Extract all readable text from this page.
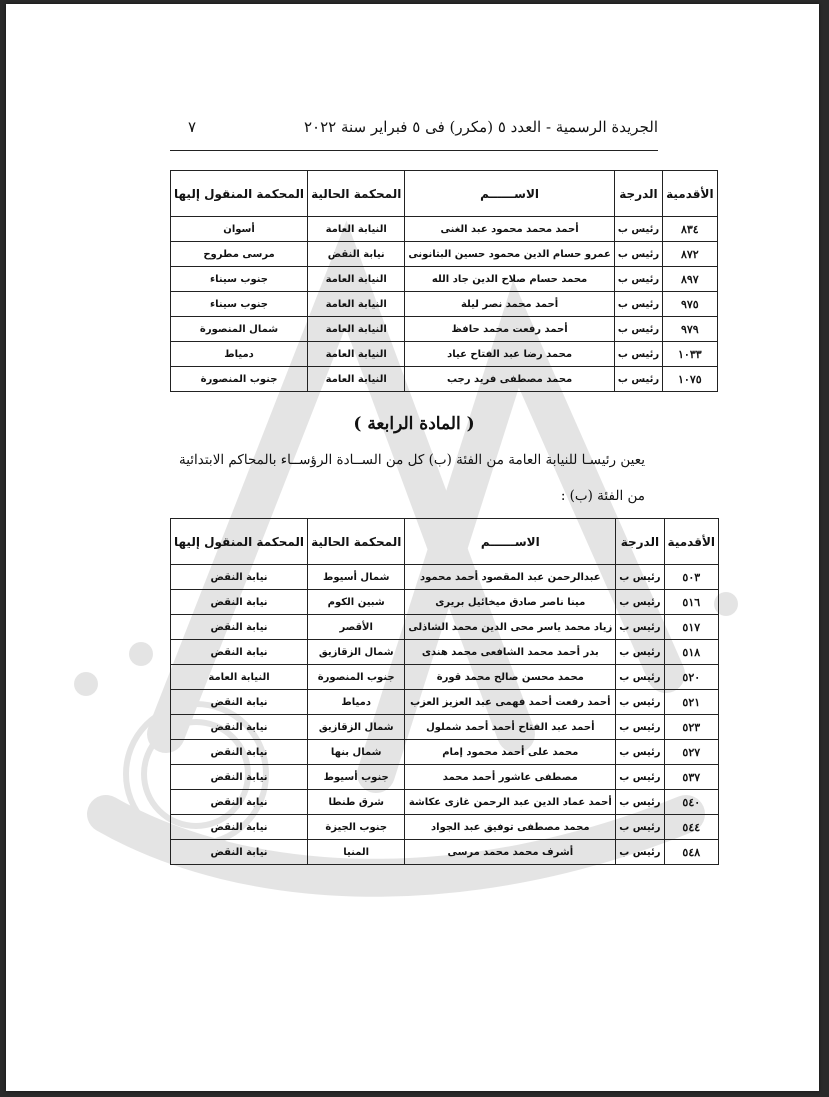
الجريدة الرسمية - العدد ٥ (مكرر) فى ٥ فبراير سنة ٢٠٢٢
٧
الأقدمية	الدرجة	الاســــــم	المحكمة الحالية	المحكمة المنقول إليها
٨٣٤	رئيس ب	أحمد محمد محمود عبد الغنى	النيابة العامة	أسوان
٨٧٢	رئيس ب	عمرو حسام الدين محمود حسين البتانونى	نيابة النقض	مرسى مطروح
٨٩٧	رئيس ب	محمد حسام صلاح الدين جاد الله	النيابة العامة	جنوب سيناء
٩٧٥	رئيس ب	أحمد محمد نصر ليلة	النيابة العامة	جنوب سيناء
٩٧٩	رئيس ب	أحمد رفعت محمد حافظ	النيابة العامة	شمال المنصورة
١٠٣٣	رئيس ب	محمد رضا عبد الفتاح عياد	النيابة العامة	دمياط
١٠٧٥	رئيس ب	محمد مصطفى فريد رجب	النيابة العامة	جنوب المنصورة
( المادة الرابعة )
يعين رئيسـا للنيابة العامة من الفئة (ب) كل من الســادة الرؤســاء بالمحاكم الابتدائية
من الفئة (ب) :
الأقدمية	الدرجة	الاســــــم	المحكمة الحالية	المحكمة المنقول إليها
٥٠٣	رئيس ب	عبدالرحمن عبد المقصود أحمد محمود	شمال أسيوط	نيابة النقض
٥١٦	رئيس ب	مينا ناصر صادق ميخائيل بريرى	شبين الكوم	نيابة النقض
٥١٧	رئيس ب	زياد محمد ياسر محى الدين محمد الشاذلى	الأقصر	نيابة النقض
٥١٨	رئيس ب	بدر أحمد محمد الشافعى محمد هندى	شمال الزقازيق	نيابة النقض
٥٢٠	رئيس ب	محمد محسن صالح محمد قورة	جنوب المنصورة	النيابة العامة
٥٢١	رئيس ب	أحمد رفعت أحمد فهمى عبد العزيز العزب	دمياط	نيابة النقض
٥٢٣	رئيس ب	أحمد عبد الفتاح أحمد أحمد شملول	شمال الزقازيق	نيابة النقض
٥٢٧	رئيس ب	محمد على أحمد محمود إمام	شمال بنها	نيابة النقض
٥٣٧	رئيس ب	مصطفى عاشور أحمد محمد	جنوب أسيوط	نيابة النقض
٥٤٠	رئيس ب	أحمد عماد الدين عبد الرحمن غازى عكاشة	شرق طنطا	نيابة النقض
٥٤٤	رئيس ب	محمد مصطفى توفيق عبد الجواد	جنوب الجيزة	نيابة النقض
٥٤٨	رئيس ب	أشرف محمد محمد مرسى	المنيا	نيابة النقض
